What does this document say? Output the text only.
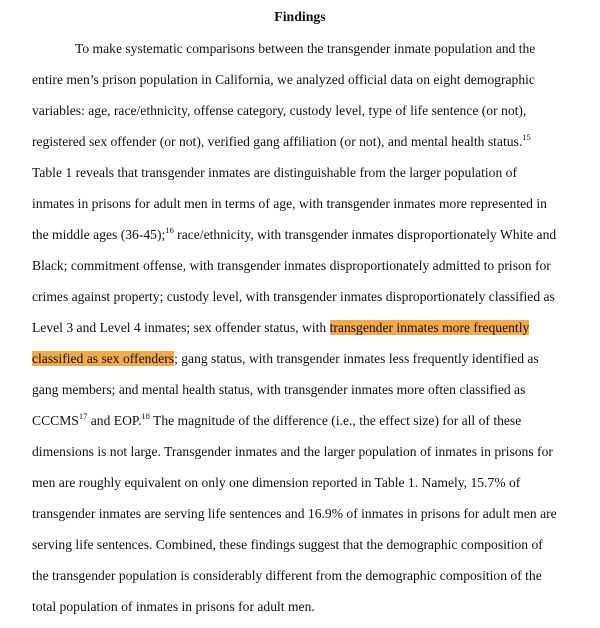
Findings
To make systematic comparisons between the transgender inmate population and the
entire men’s prison population in California, we analyzed official data on eight demographic
variables: age, race/ethnicity, offense category, custody level, type of life sentence (or not),
registered sex offender (or not), verified gang affiliation (or not), and mental health status.$^{15}$
Table 1 reveals that transgender inmates are distinguishable from the larger population of
inmates in prisons for adult men in terms of age, with transgender inmates more represented in
the middle ages (36-45);$^{16}$ race/ethnicity, with transgender inmates disproportionately White and
Black; commitment offense, with transgender inmates disproportionately admitted to prison for
crimes against property; custody level, with transgender inmates disproportionately classified as
Level 3 and Level 4 inmates; sex offender status, with transgender inmates more frequently
classified as sex offenders; gang status, with transgender inmates less frequently identified as
gang members; and mental health status, with transgender inmates more often classified as
CCCMS$^{17}$ and EOP.$^{18}$ The magnitude of the difference (i.e., the effect size) for all of these
dimensions is not large. Transgender inmates and the larger population of inmates in prisons for
men are roughly equivalent on only one dimension reported in Table 1. Namely, 15.7% of
transgender inmates are serving life sentences and 16.9% of inmates in prisons for adult men are
serving life sentences. Combined, these findings suggest that the demographic composition of
the transgender population is considerably different from the demographic composition of the
total population of inmates in prisons for adult men.
